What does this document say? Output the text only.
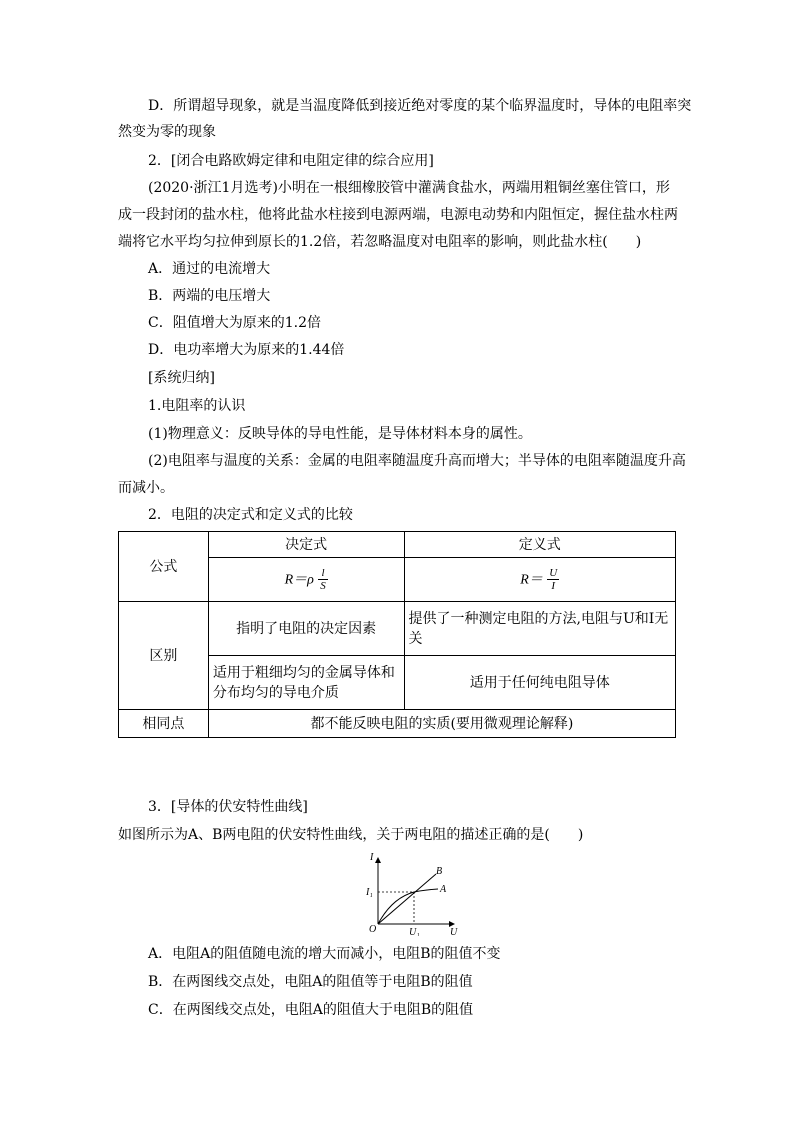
D．所谓超导现象，就是当温度降低到接近绝对零度的某个临界温度时，导体的电阻率突
然变为零的现象
2．[闭合电路欧姆定律和电阻定律的综合应用]
(2020·浙江1月选考)小明在一根细橡胶管中灌满食盐水，两端用粗铜丝塞住管口，形
成一段封闭的盐水柱，他将此盐水柱接到电源两端，电源电动势和内阻恒定，握住盐水柱两
端将它水平均匀拉伸到原长的1.2倍，若忽略温度对电阻率的影响，则此盐水柱(　　)
A．通过的电流增大
B．两端的电压增大
C．阻值增大为原来的1.2倍
D．电功率增大为原来的1.44倍
[系统归纳]
1.电阻率的认识
(1)物理意义：反映导体的导电性能，是导体材料本身的属性。
(2)电阻率与温度的关系：金属的电阻率随温度升高而增大；半导体的电阻率随温度升高
而减小。
2．电阻的决定式和定义式的比较
公式	决定式	定义式
	$R=\rho \frac{l}{S}$	$R= \frac{U}{I}$

区别	指明了电阻的决定因素	提供了一种测定电阻的方法,电阻与U和I无关
	适用于粗细均匀的金属导体和分布均匀的导电介质	适用于任何纯电阻导体
相同点	都不能反映电阻的实质(要用微观理论解释)	
3．[导体的伏安特性曲线]
如图所示为A、B两电阻的伏安特性曲线，关于两电阻的描述正确的是(　　)
I
U
O
I₁
U₁
A
B
A．电阻A的阻值随电流的增大而减小，电阻B的阻值不变
B．在两图线交点处，电阻A的阻值等于电阻B的阻值
C．在两图线交点处，电阻A的阻值大于电阻B的阻值
